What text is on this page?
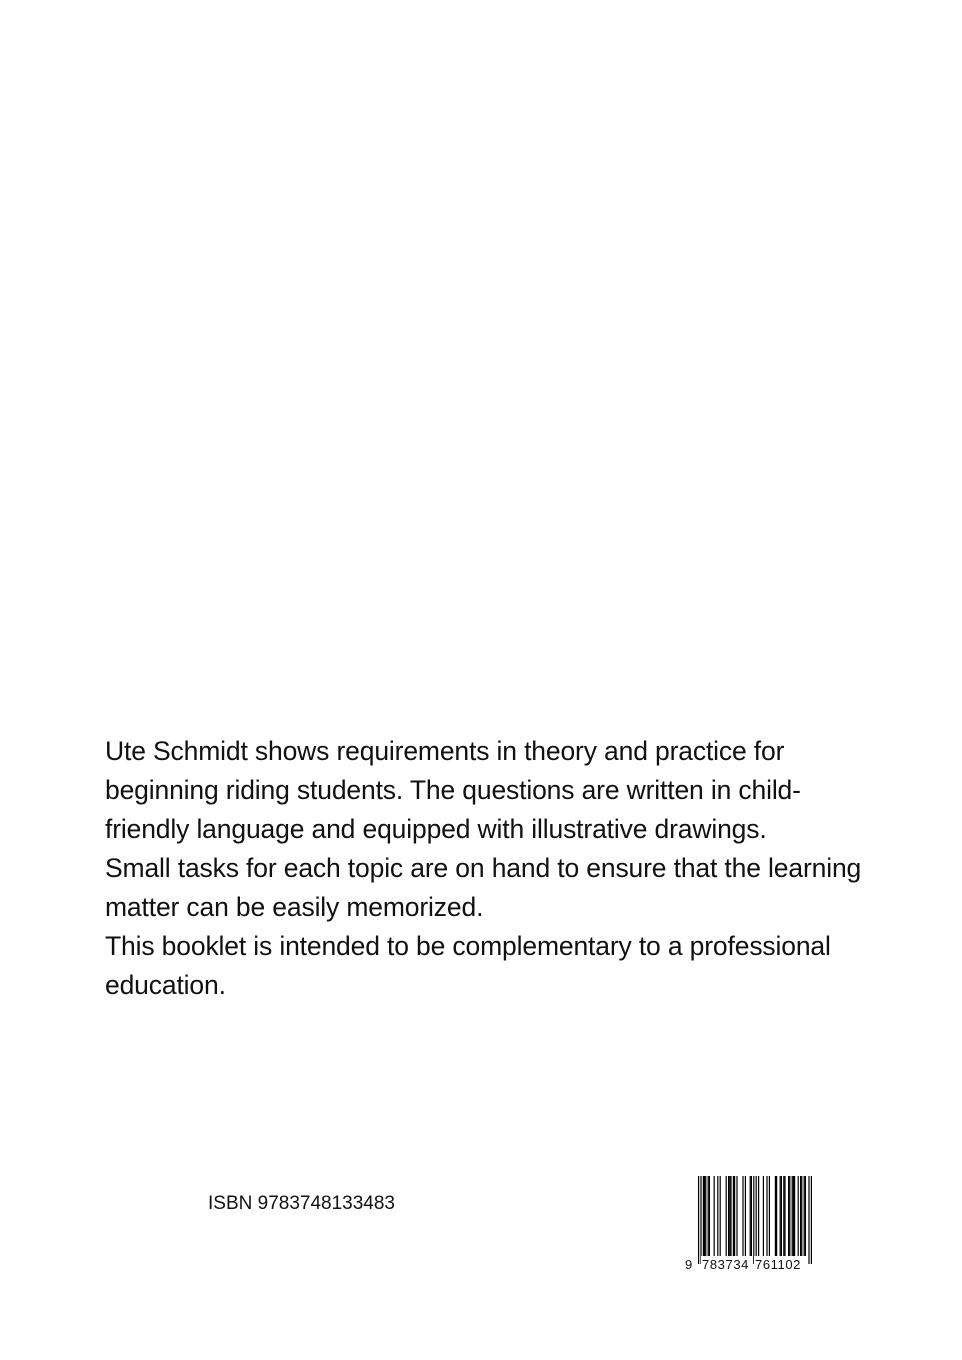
Ute Schmidt shows requirements in theory and practice for beginning riding students. The questions are written in child-friendly language and equipped with illustrative drawings.

Small tasks for each topic are on hand to ensure that the learning matter can be easily memorized.

This booklet is intended to be complementary to a professional education.

ISBN 9783748133483
9 783734 761102
